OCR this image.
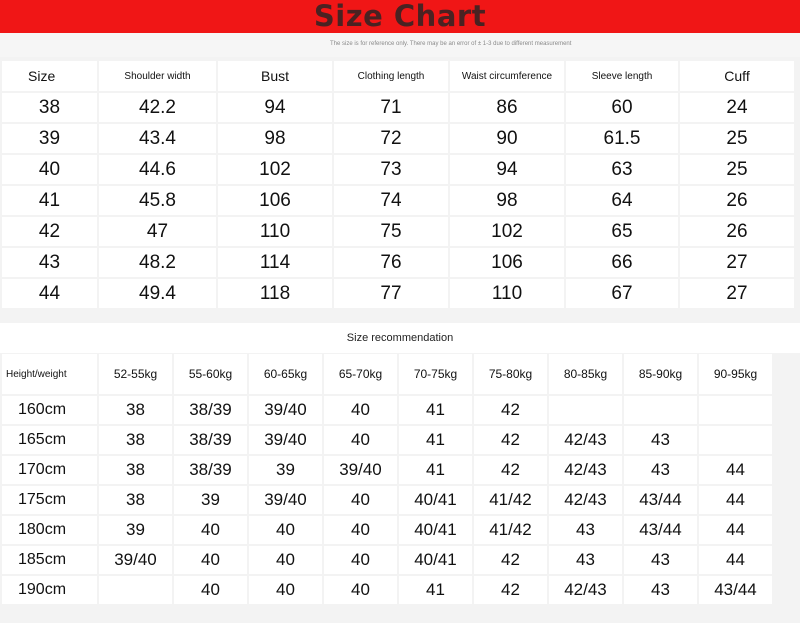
Size Chart
The size is for reference only. There may be an error of ± 1-3 due to different measurement
Size	Shoulder width	Bust	Clothing length	Waist circumference	Sleeve length	Cuff
38	42.2	94	71	86	60	24
39	43.4	98	72	90	61.5	25
40	44.6	102	73	94	63	25
41	45.8	106	74	98	64	26
42	47	110	75	102	65	26
43	48.2	114	76	106	66	27
44	49.4	118	77	110	67	27
Size recommendation
Height/weight	52-55kg	55-60kg	60-65kg	65-70kg	70-75kg	75-80kg	80-85kg	85-90kg	90-95kg
160cm	38	38/39	39/40	40	41	42			
165cm	38	38/39	39/40	40	41	42	42/43	43	
170cm	38	38/39	39	39/40	41	42	42/43	43	44
175cm	38	39	39/40	40	40/41	41/42	42/43	43/44	44
180cm	39	40	40	40	40/41	41/42	43	43/44	44
185cm	39/40	40	40	40	40/41	42	43	43	44
190cm		40	40	40	41	42	42/43	43	43/44
